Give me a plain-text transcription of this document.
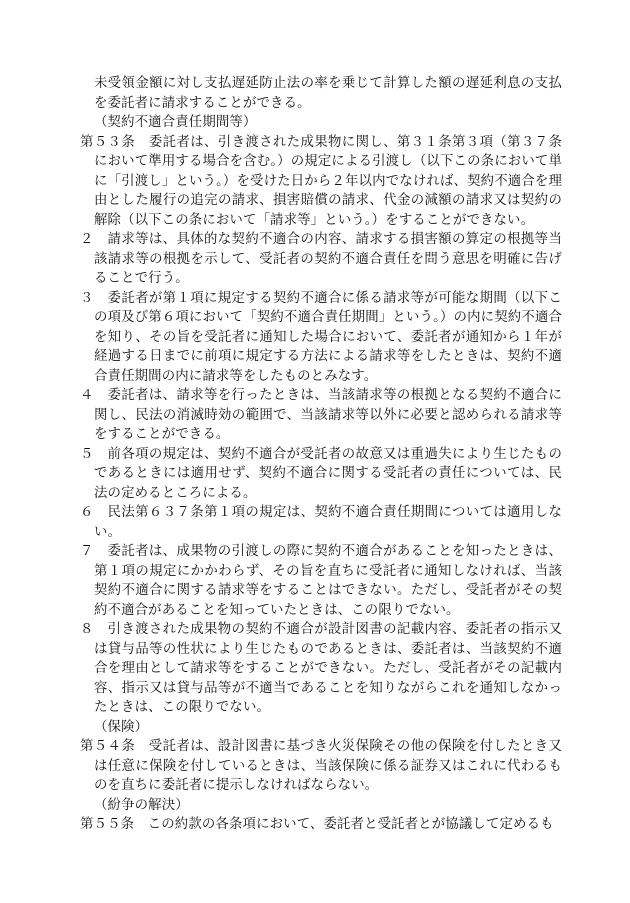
未受領金額に対し支払遅延防止法の率を乗じて計算した額の遅延利息の支払を委託者に請求することができる。

（契約不適合責任期間等）

第５３条　委託者は、引き渡された成果物に関し、第３１条第３項（第３７条において準用する場合を含む。）の規定による引渡し（以下この条において単に「引渡し」という。）を受けた日から２年以内でなければ、契約不適合を理由とした履行の追完の請求、損害賠償の請求、代金の減額の請求又は契約の解除（以下この条において「請求等」という。）をすることができない。

２　請求等は、具体的な契約不適合の内容、請求する損害額の算定の根拠等当該請求等の根拠を示して、受託者の契約不適合責任を問う意思を明確に告げることで行う。

３　委託者が第１項に規定する契約不適合に係る請求等が可能な期間（以下この項及び第６項において「契約不適合責任期間」という。）の内に契約不適合を知り、その旨を受託者に通知した場合において、委託者が通知から１年が経過する日までに前項に規定する方法による請求等をしたときは、契約不適合責任期間の内に請求等をしたものとみなす。

４　委託者は、請求等を行ったときは、当該請求等の根拠となる契約不適合に関し、民法の消滅時効の範囲で、当該請求等以外に必要と認められる請求等をすることができる。

５　前各項の規定は、契約不適合が受託者の故意又は重過失により生じたものであるときには適用せず、契約不適合に関する受託者の責任については、民法の定めるところによる。

６　民法第６３７条第１項の規定は、契約不適合責任期間については適用しない。

７　委託者は、成果物の引渡しの際に契約不適合があることを知ったときは、第１項の規定にかかわらず、その旨を直ちに受託者に通知しなければ、当該契約不適合に関する請求等をすることはできない。ただし、受託者がその契約不適合があることを知っていたときは、この限りでない。

８　引き渡された成果物の契約不適合が設計図書の記載内容、委託者の指示又は貸与品等の性状により生じたものであるときは、委託者は、当該契約不適合を理由として請求等をすることができない。ただし、受託者がその記載内容、指示又は貸与品等が不適当であることを知りながらこれを通知しなかったときは、この限りでない。

（保険）

第５４条　受託者は、設計図書に基づき火災保険その他の保険を付したとき又は任意に保険を付しているときは、当該保険に係る証券又はこれに代わるものを直ちに委託者に提示しなければならない。

（紛争の解決）

第５５条　この約款の各条項において、委託者と受託者とが協議して定めるも
